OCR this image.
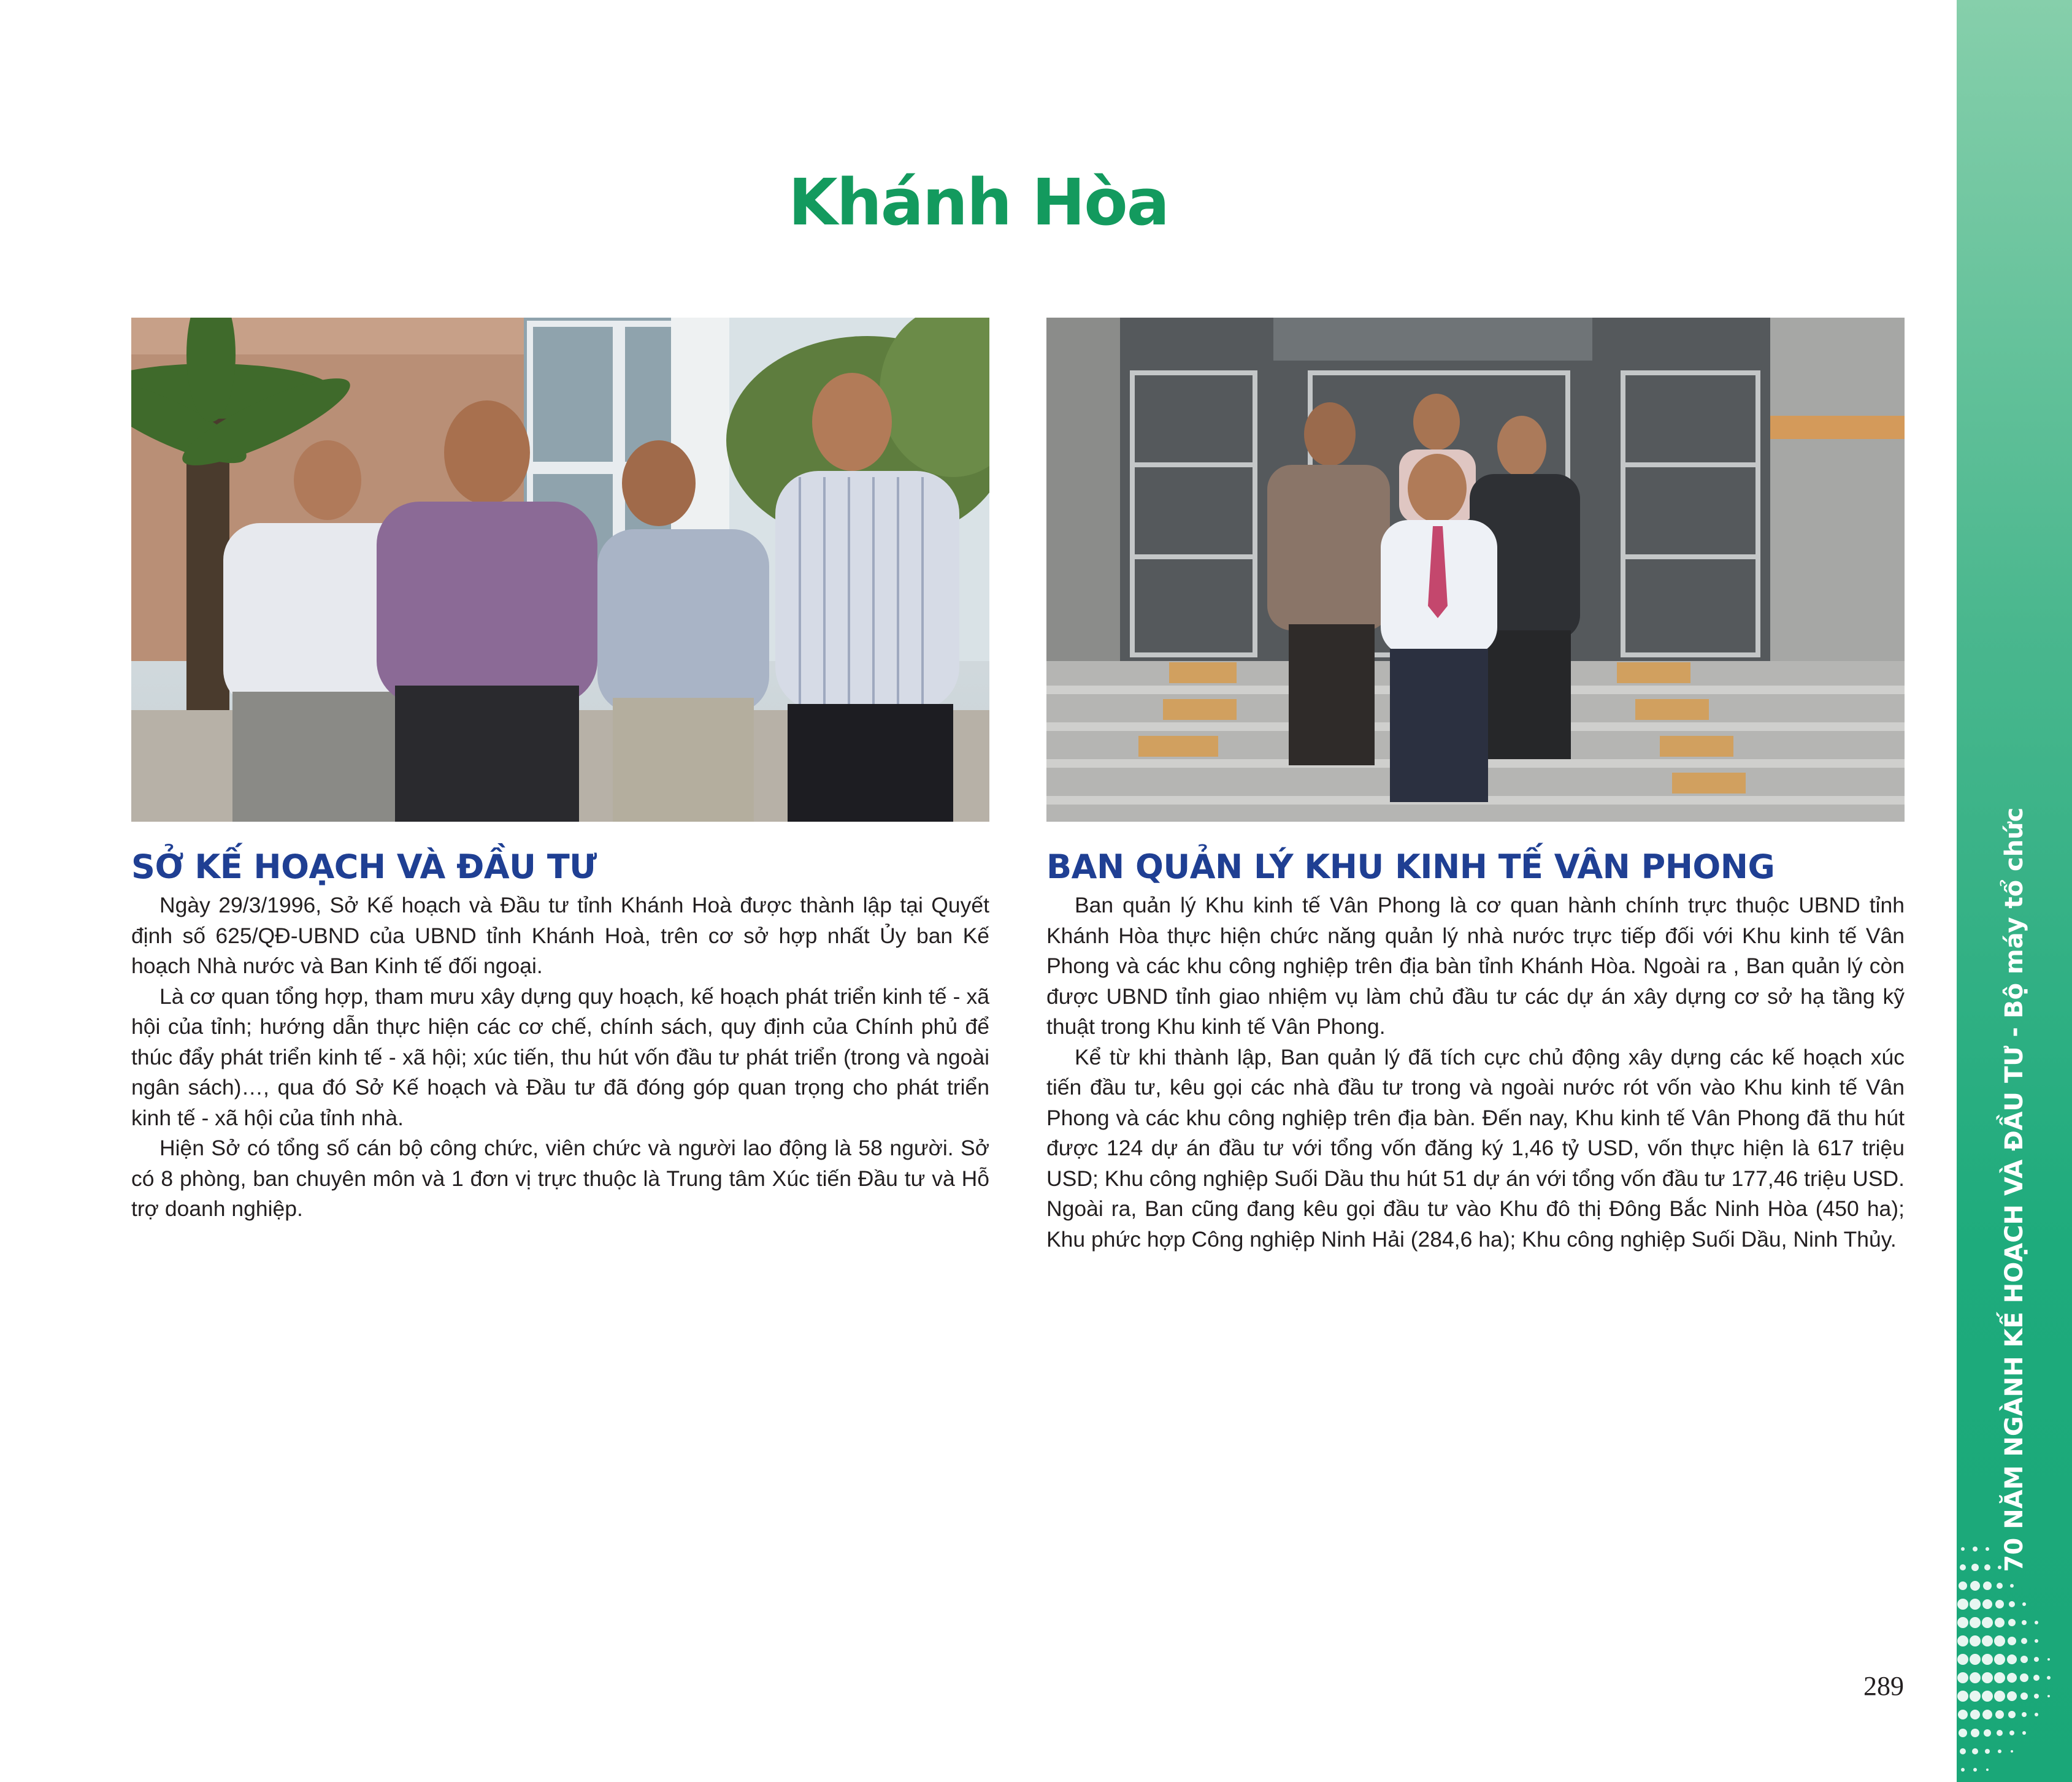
Khánh Hòa
SỞ KẾ HOẠCH VÀ ĐẦU TƯ

Ngày 29/3/1996, Sở Kế hoạch và Đầu tư tỉnh Khánh Hoà được thành lập tại Quyết định số 625/QĐ-UBND của UBND tỉnh Khánh Hoà, trên cơ sở hợp nhất Ủy ban Kế hoạch Nhà nước và Ban Kinh tế đối ngoại.

Là cơ quan tổng hợp, tham mưu xây dựng quy hoạch, kế hoạch phát triển kinh tế - xã hội của tỉnh; hướng dẫn thực hiện các cơ chế, chính sách, quy định của Chính phủ để thúc đẩy phát triển kinh tế - xã hội; xúc tiến, thu hút vốn đầu tư phát triển (trong và ngoài ngân sách)…, qua đó Sở Kế hoạch và Đầu tư đã đóng góp quan trọng cho phát triển kinh tế - xã hội của tỉnh nhà.

Hiện Sở có tổng số cán bộ công chức, viên chức và người lao động là 58 người. Sở có 8 phòng, ban chuyên môn và 1 đơn vị trực thuộc là Trung tâm Xúc tiến Đầu tư và Hỗ trợ doanh nghiệp.

BAN QUẢN LÝ KHU KINH TẾ VÂN PHONG

Ban quản lý Khu kinh tế Vân Phong là cơ quan hành chính trực thuộc UBND tỉnh Khánh Hòa thực hiện chức năng quản lý nhà nước trực tiếp đối với Khu kinh tế Vân Phong và các khu công nghiệp trên địa bàn tỉnh Khánh Hòa. Ngoài ra , Ban quản lý còn được UBND tỉnh giao nhiệm vụ làm chủ đầu tư các dự án xây dựng cơ sở hạ tầng kỹ thuật trong Khu kinh tế Vân Phong.

Kể từ khi thành lập, Ban quản lý đã tích cực chủ động xây dựng các kế hoạch xúc tiến đầu tư, kêu gọi các nhà đầu tư trong và ngoài nước rót vốn vào Khu kinh tế Vân Phong và các khu công nghiệp trên địa bàn. Đến nay, Khu kinh tế Vân Phong đã thu hút được 124 dự án đầu tư với tổng vốn đăng ký 1,46 tỷ USD, vốn thực hiện là 617 triệu USD; Khu công nghiệp Suối Dầu thu hút 51 dự án với tổng vốn đầu tư 177,46 triệu USD. Ngoài ra, Ban cũng đang kêu gọi đầu tư vào Khu đô thị Đông Bắc Ninh Hòa (450 ha); Khu phức hợp Công nghiệp Ninh Hải (284,6 ha); Khu công nghiệp Suối Dầu, Ninh Thủy.

289
70 NĂM NGÀNH KẾ HOẠCH VÀ ĐẦU TƯ - Bộ máy tổ chức
